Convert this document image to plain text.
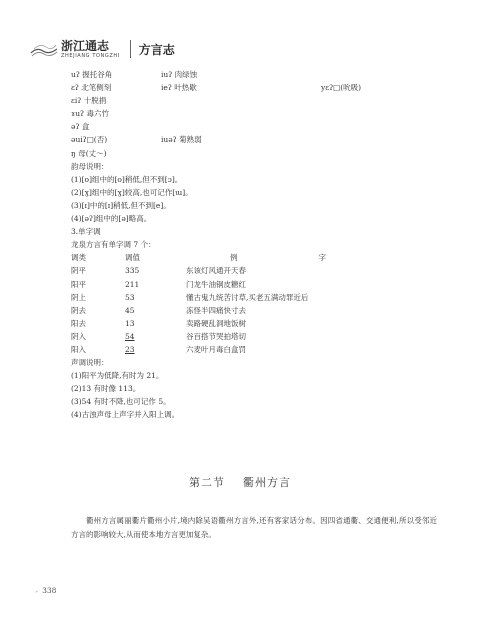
浙江通志
ZHEJIANG TONGZHI 方言志
uʔ 握托谷角	iuʔ 肉绿蚀
ɛʔ 北笔侧刻	ieʔ 叶热歇	yɛʔ□(吮吸)
ɛiʔ 十脱捐
ɤuʔ 毒六竹
əʔ 盒
əuiʔ□(否)	iuəʔ 菊熟弱
ŋ 母(丈～)
韵母说明：
(1)[o]组中的[o]稍低,但不到[ɔ]。
(2)[ɣ]组中的[ɣ]较高,也可记作[ɯ]。
(3)[ɪ]中的[ɪ]稍低,但不到[e]。
(4)[əʔ]组中的[ə]略高。
3.单字调
龙泉方言有单字调 7 个：
调类	调值	例　　字
阴平	335	东该灯风通开天春
阳平	211	门龙牛油铜皮糖红
阴上	53	懂古鬼九统苦讨草,买老五满动罪近后
阴去	45	冻怪半四痛快寸去
阳去	13	卖路硬乱洞地饭树
阴入	54	谷百搭节哭拍塔切
阳入	23	六麦叶月毒白盒罚
声调说明：
(1)阳平为低降,有时为 21。
(2)13 有时像 113。
(3)54 有时不降,也可记作 5。
(4)古浊声母上声字并入阳上调。
第二节 衢州方言
衢州方言属丽衢片衢州小片,境内除吴语衢州方言外,还有客家话分布。因四省通衢、交通便利,所以受邻近方言的影响较大,从而使本地方言更加复杂。
» 338
